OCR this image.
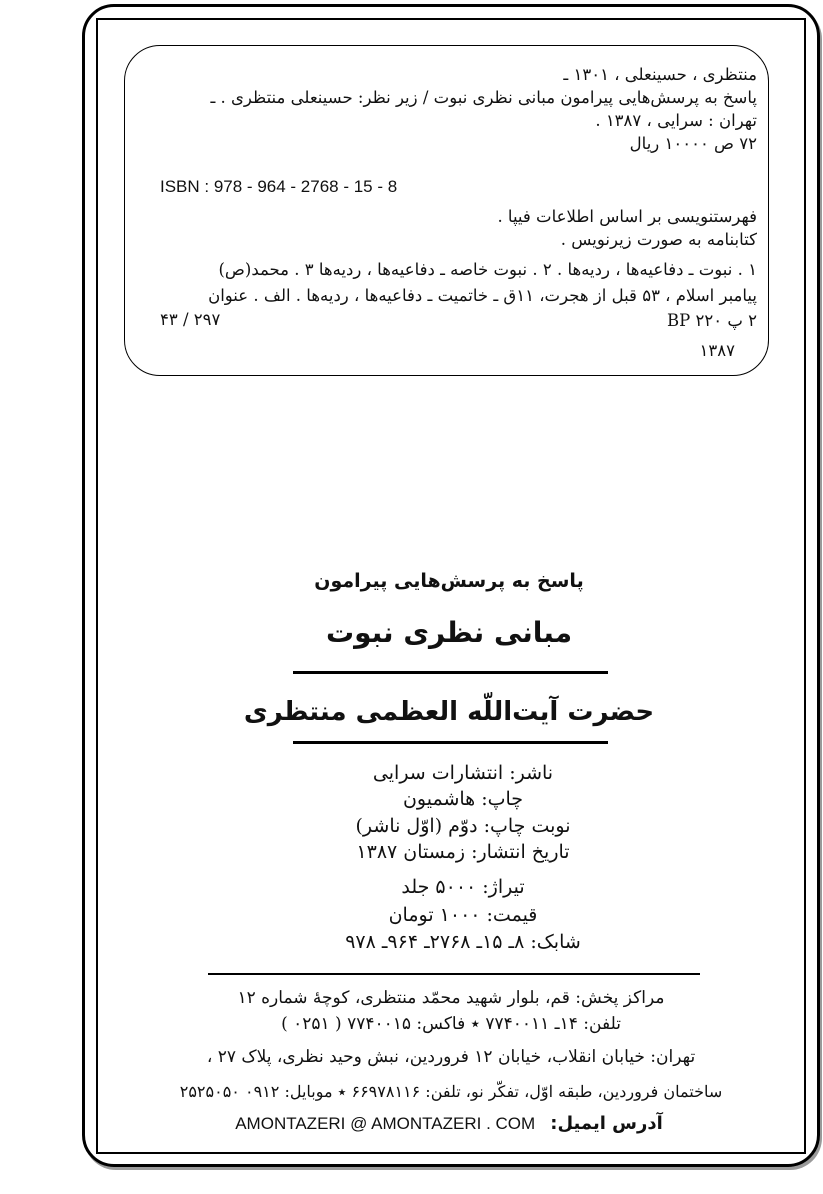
منتظری ، حسینعلی ، ۱۳۰۱ ـ
پاسخ به پرسش‌هایی پیرامون مبانی نظری نبوت / زیر نظر: حسینعلی منتظری . ـ
تهران : سرایی ، ۱۳۸۷ .
۷۲ ص ۱۰۰۰۰ ریال
ISBN : 978 - 964 - 2768 - 15 - 8
فهرستنویسی بر اساس اطلاعات فیپا .
کتابنامه به صورت زیرنویس .
۱ . نبوت ـ دفاعیه‌ها ، ردیه‌ها . ۲ . نبوت خاصه ـ دفاعیه‌ها ، ردیه‌ها ۳ . محمد(ص)
پیامبر اسلام ، ۵۳ قبل از هجرت، ۱۱ق ـ خاتمیت ـ دفاعیه‌ها ، ردیه‌ها . الف . عنوان
۲ پ ۲۲۰ BP
۲۹۷ / ۴۳
۱۳۸۷
پاسخ به پرسش‌هایی پیرامون
مبانی نظری نبوت
حضرت آیت‌اللّه العظمی منتظری
ناشر: انتشارات سرایی
چاپ: هاشمیون
نوبت چاپ: دوّم (اوّل ناشر)
تاریخ انتشار: زمستان ۱۳۸۷
تیراژ: ۵۰۰۰ جلد
قیمت: ۱۰۰۰ تومان
شابک: ۸ـ ۱۵ـ ۲۷۶۸ـ ۹۶۴ـ ۹۷۸
مراکز پخش: قم، بلوار شهید محمّد منتظری، کوچۀ شماره ۱۲
تلفن: ۱۴ـ ۷۷۴۰۰۱۱ ٭ فاکس: ۷۷۴۰۰۱۵ ( ۰۲۵۱ )
تهران: خیابان انقلاب، خیابان ۱۲ فروردین، نبش وحید نظری، پلاک ۲۷ ،
ساختمان فروردین، طبقه اوّل، تفکّر نو، تلفن: ۶۶۹۷۸۱۱۶ ٭ موبایل: ۰۹۱۲ ۲۵۲۵۰۵۰
آدرس ایمیل: AMONTAZERI @ AMONTAZERI . COM
